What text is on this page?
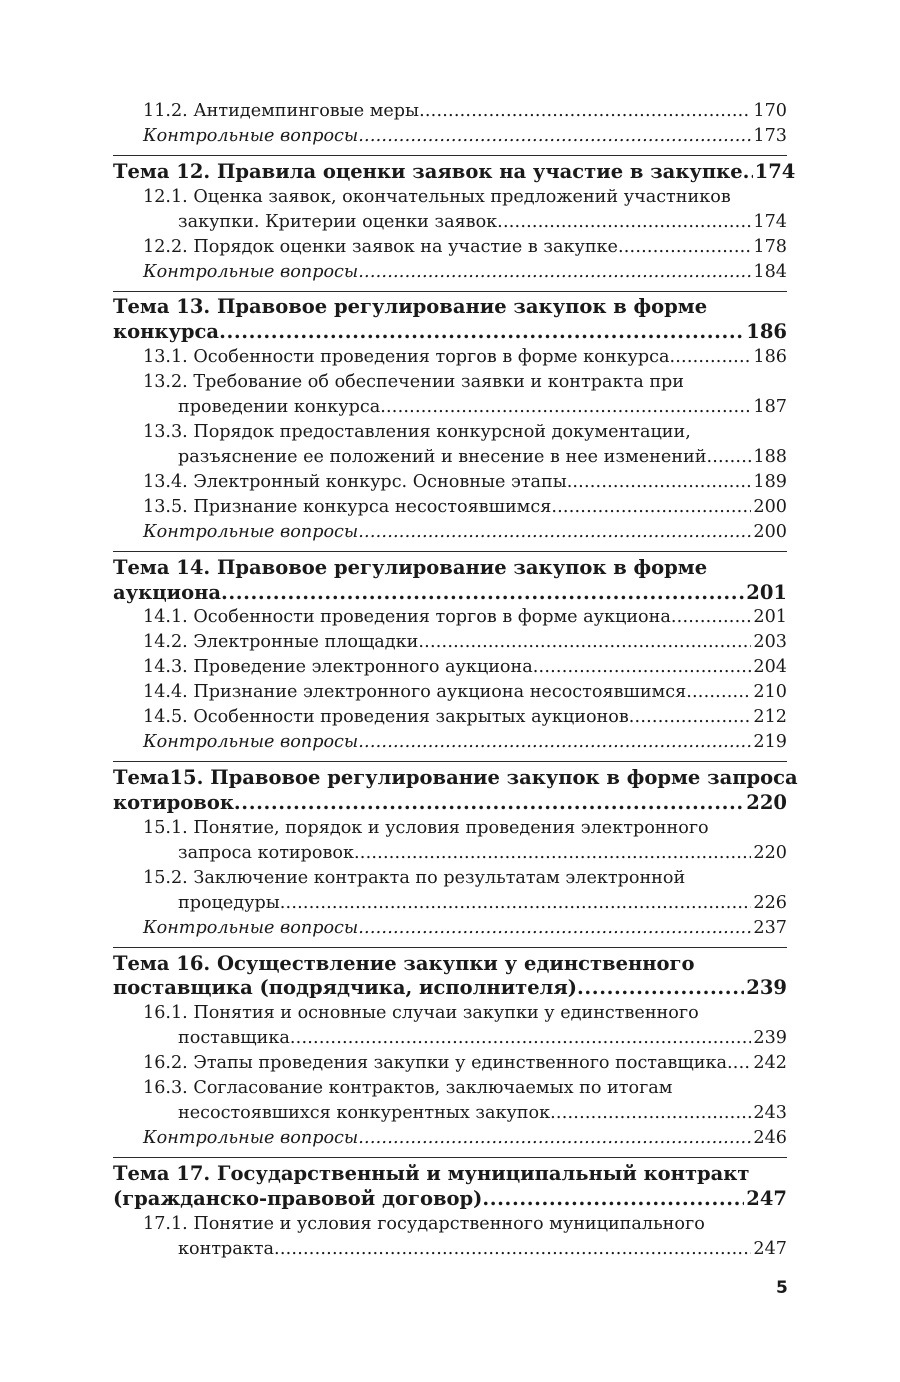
11.2. Антидемпинговые меры .....	170
Контрольные вопросы .....	173
Тема 12. Правила оценки заявок на участие в закупке ..... 174
12.1. Оценка заявок, окончательных предложений участников
закупки. Критерии оценки заявок .....	174
12.2. Порядок оценки заявок на участие в закупке .....	178
Контрольные вопросы .....	184
Тема 13. Правовое регулирование закупок в форме
конкурса .....	186
13.1. Особенности проведения торгов в форме конкурса .....	186
13.2. Требование об обеспечении заявки и контракта при
проведении конкурса .....	187
13.3. Порядок предоставления конкурсной документации,
разъяснение ее положений и внесение в нее изменений .....	188
13.4. Электронный конкурс. Основные этапы. .....	189
13.5. Признание конкурса несостоявшимся .....	200
Контрольные вопросы .....	200
Тема 14. Правовое регулирование закупок в форме
аукциона .....	201
14.1. Особенности проведения торгов в форме аукциона .....	201
14.2. Электронные площадки .....	203
14.3. Проведение электронного аукциона .....	204
14.4. Признание электронного аукциона несостоявшимся .....	210
14.5. Особенности проведения закрытых аукционов .....	212
Контрольные вопросы .....	219
Тема15. Правовое регулирование закупок в форме запроса
котировок .....	220
15.1. Понятие, порядок и условия проведения электронного
запроса котировок .....	220
15.2. Заключение контракта по результатам электронной
процедуры .....	226
Контрольные вопросы .....	237
Тема 16. Осуществление закупки у единственного
поставщика (подрядчика, исполнителя) .....	239
16.1. Понятия и основные случаи закупки у единственного
поставщика .....	239
16.2. Этапы проведения закупки у единственного поставщика ..... 242
16.3. Согласование контрактов, заключаемых по итогам
несостоявшихся конкурентных закупок .....	243
Контрольные вопросы .....	246
Тема 17. Государственный и муниципальный контракт
(гражданско-правовой договор) .....	247
17.1. Понятие и условия государственного муниципального
контракта .....	247
5
